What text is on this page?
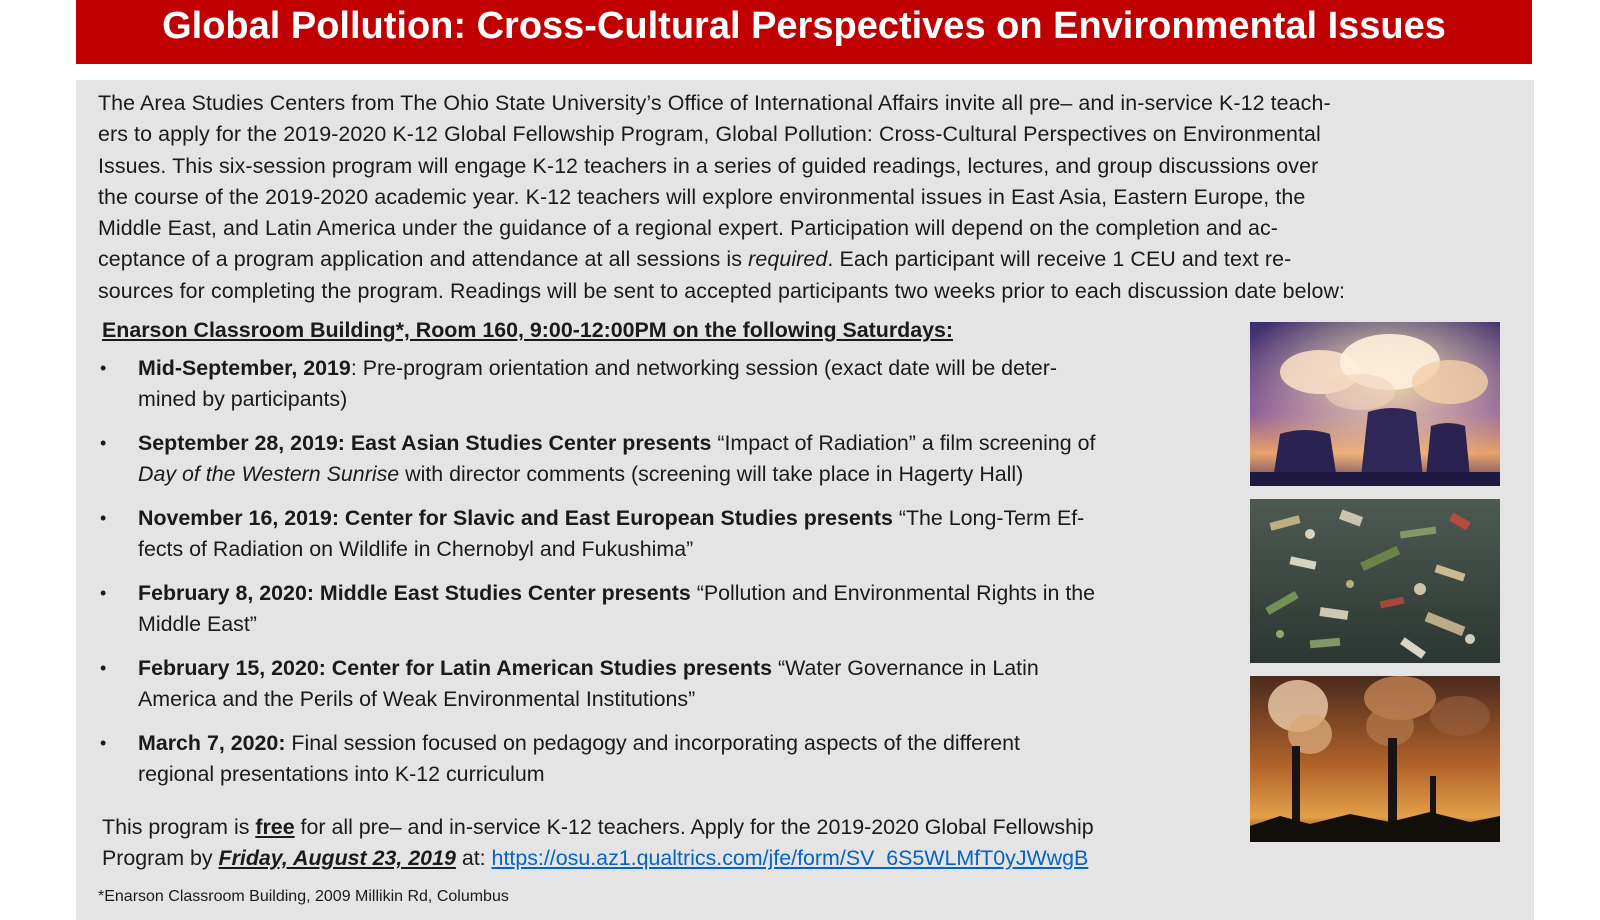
Global Pollution: Cross-Cultural Perspectives on Environmental Issues
The Area Studies Centers from The Ohio State University’s Office of International Affairs invite all pre– and in-service K-12 teach-
ers to apply for the 2019-2020 K-12 Global Fellowship Program, Global Pollution: Cross-Cultural Perspectives on Environmental
Issues. This six-session program will engage K-12 teachers in a series of guided readings, lectures, and group discussions over
the course of the 2019-2020 academic year. K-12 teachers will explore environmental issues in East Asia, Eastern Europe, the
Middle East, and Latin America under the guidance of a regional expert. Participation will depend on the completion and ac-
ceptance of a program application and attendance at all sessions is required. Each participant will receive 1 CEU and text re-
sources for completing the program. Readings will be sent to accepted participants two weeks prior to each discussion date below:
Enarson Classroom Building*, Room 160, 9:00-12:00PM on the following Saturdays:
•	Mid-September, 2019: Pre-program orientation and networking session (exact date will be deter-
mined by participants)
•	September 28, 2019: East Asian Studies Center presents “Impact of Radiation” a film screening of
Day of the Western Sunrise with director comments (screening will take place in Hagerty Hall)
•	November 16, 2019: Center for Slavic and East European Studies presents “The Long-Term Ef-
fects of Radiation on Wildlife in Chernobyl and Fukushima”
•	February 8, 2020: Middle East Studies Center presents “Pollution and Environmental Rights in the
Middle East”
•	February 15, 2020: Center for Latin American Studies presents “Water Governance in Latin
America and the Perils of Weak Environmental Institutions”
•	March 7, 2020: Final session focused on pedagogy and incorporating aspects of the different
regional presentations into K-12 curriculum
This program is free for all pre– and in-service K-12 teachers. Apply for the 2019-2020 Global Fellowship
Program by Friday, August 23, 2019 at: https://osu.az1.qualtrics.com/jfe/form/SV_6S5WLMfT0yJWwgB
*Enarson Classroom Building, 2009 Millikin Rd, Columbus
